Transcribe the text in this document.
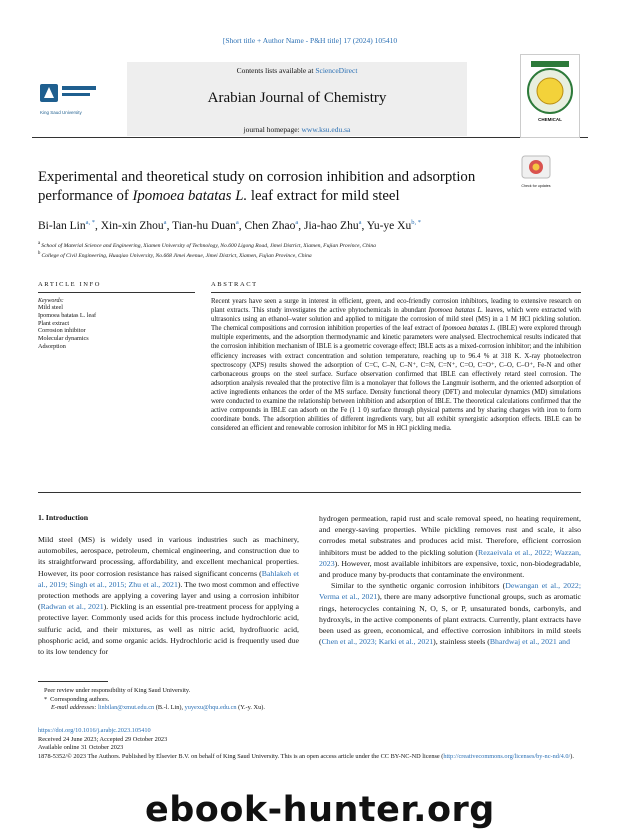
[Short title + Author Name - P&H title] 17 (2024) 105410
King Saud University
Contents lists available at ScienceDirect
Arabian Journal of Chemistry
journal homepage: www.ksu.edu.sa
CHEMICAL
Experimental and theoretical study on corrosion inhibition and adsorption
performance of Ipomoea batatas L. leaf extract for mild steel
Check for updates
Bi-lan Lin$^{a, *}$, Xin-xin Zhou$^a$, Tian-hu Duan$^a$, Chen Zhao$^a$, Jia-hao Zhu$^a$, Yu-ye $Xu^{b, *}$
$^a$ School of Material Science and Engineering, Xiamen University of Technology, No.600 Ligong Road, Jimei District, Xiamen, Fujian Province, China
$^b$ College of Civil Engineering, Huaqiao University, No.668 Jimei Avenue, Jimei District, Xiamen, Fujian Province, China
ARTICLE INFO	ABSTRACT
Keywords:
Mild steel
Ipomoea batatas L. leaf
Plant extract
Corrosion inhibitor
Molecular dynamics
Adsorption
Recent years have seen a surge in interest in efficient, green, and eco-friendly corrosion inhibitors, leading to extensive research on plant extracts. This study investigates the active phytochemicals in abundant Ipomoea batatas L. leaves, which were extracted with ultrasonics using an ethanol–water solution and applied to mitigate the corrosion of mild steel (MS) in a 1 M HCl pickling solution. The chemical compositions and corrosion inhibition properties of the leaf extract of Ipomoea batatas L. (IBLE) were explored through multiple experiments, and the adsorption thermodynamic and kinetic parameters were analysed. Electrochemical results indicated that the corrosion inhibition mechanism of IBLE is a geometric coverage effect; IBLE acts as a mixed-corrosion inhibitor; and the inhibition efficiency increases with extract concentration and solution temperature, reaching up to 96.4 % at 318 K. X-ray photoelectron spectroscopy (XPS) results showed the adsorption of C=C, C–N, C–N⁺, C=N, C=N⁺, C=O, C=O⁺, C–O, C–O⁺, Fe-N and other carbonaceous groups on the steel surface. Surface observation confirmed that IBLE can effectively retard steel corrosion. The adsorption analysis revealed that the protective film is a monolayer that follows the Langmuir isotherm, and the oriented adsorption of active ingredients enhances the order of the MS surface. Density functional theory (DFT) and molecular dynamics (MD) simulations were conducted to examine the relationship between inhibition and adsorption of IBLE. The theoretical calculations confirmed that the active compounds in IBLE can adsorb on the Fe (1 1 0) surface through physical patterns and by sharing charges with iron to form coordinate bonds. The adsorption abilities of different ingredients vary, but all exhibit synergistic adsorption effects. IBLE can be considered an efficient and renewable corrosion inhibitor for MS in HCl pickling media.
1. Introduction
Mild steel (MS) is widely used in various industries such as machinery, automobiles, aerospace, petroleum, chemical engineering, and construction due to its straightforward processing, affordability, and excellent mechanical properties. However, its poor corrosion resistance has raised significant concerns (Bahlakeh et al., 2019; Singh et al., 2015; Zhu et al., 2021). The two most common and effective protection methods are applying a covering layer and using a corrosion inhibitor (Radwan et al., 2021). Pickling is an essential pre-treatment process for applying a protective layer. Commonly used acids for this process include hydrochloric acid, sulfuric acid, and their mixtures, as well as nitric acid, hydrofluoric acid, phosphoric acid, and some organic acids. Hydrochloric acid is frequently used due to its low tendency for
hydrogen permeation, rapid rust and scale removal speed, no heating requirement, and energy-saving properties. While pickling removes rust and scale, it also corrodes metal substrates and produces acid mist. Therefore, efficient corrosion inhibitors must be added to the pickling solution (Rezaeivala et al., 2022; Wazzan, 2023). However, most available inhibitors are expensive, toxic, non-biodegradable, and produce many by-products that contaminate the environment.
Similar to the synthetic organic corrosion inhibitors (Dewangan et al., 2022; Verma et al., 2021), there are many adsorptive functional groups, such as aromatic rings, heterocycles containing N, O, S, or P, unsaturated bonds, carbonyls, and hydroxyls, in the active components of plant extracts. Currently, plant extracts have been used as green, economical, and effective corrosion inhibitors in mild steels (Chen et al., 2023; Karki et al., 2021), stainless steels (Bhardwaj et al., 2021 and
Peer review under responsibility of King Saud University.
* Corresponding authors.
E-mail addresses: linbilan@xmut.edu.cn (B.-l. Lin), yuyexu@hqu.edu.cn (Y.-y. Xu).
https://doi.org/10.1016/j.arabjc.2023.105410
Received 24 June 2023; Accepted 29 October 2023
Available online 31 October 2023
1878-5352/© 2023 The Authors. Published by Elsevier B.V. on behalf of King Saud University. This is an open access article under the CC BY-NC-ND license (http://creativecommons.org/licenses/by-nc-nd/4.0/).
ebook-hunter.org
